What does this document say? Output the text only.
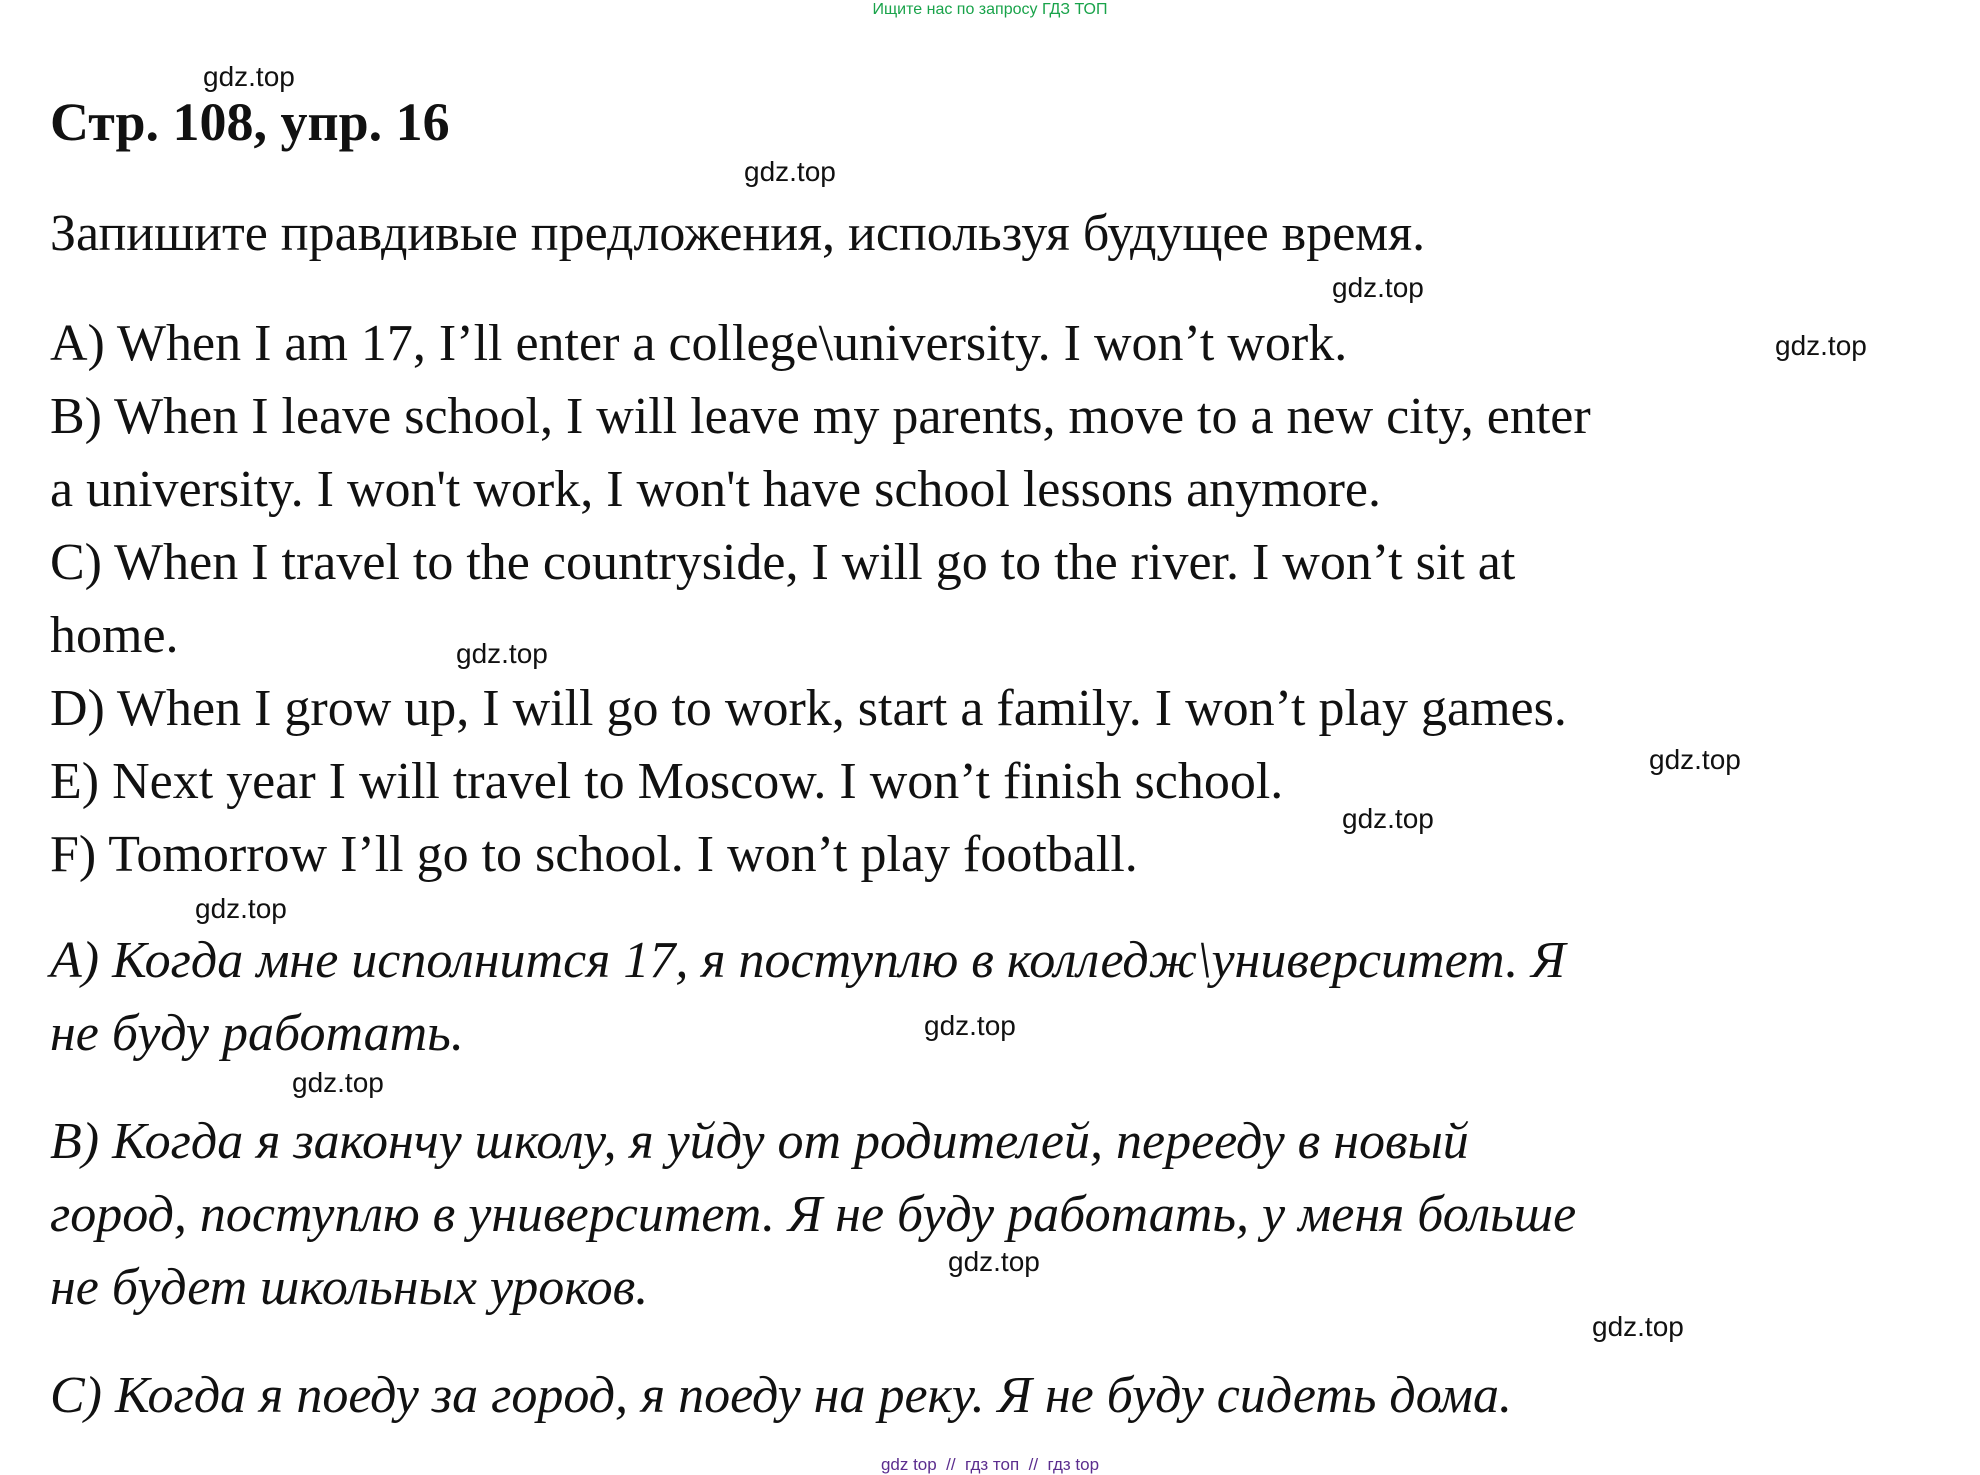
Ищите нас по запросу ГДЗ ТОП
gdz.top
Стр. 108, упр. 16
gdz.top
Запишите правдивые предложения, используя будущее время.
gdz.top
gdz.top
A) When I am 17, I’ll enter a college\university. I won’t work.
B) When I leave school, I will leave my parents, move to a new city, enter
a university. I won't work, I won't have school lessons anymore.
C) When I travel to the countryside, I will go to the river. I won’t sit at
home.
D) When I grow up, I will go to work, start a family. I won’t play games.
E) Next year I will travel to Moscow. I won’t finish school.
F) Tomorrow I’ll go to school. I won’t play football.
gdz.top
gdz.top
gdz.top
gdz.top
A) Когда мне исполнится 17, я поступлю в колледж\университет. Я
не буду работать.
B) Когда я закончу школу, я уйду от родителей, перееду в новый
город, поступлю в университет. Я не буду работать, у меня больше
не будет школьных уроков.
C) Когда я поеду за город, я поеду на реку. Я не буду сидеть дома.
gdz.top
gdz.top
gdz.top
gdz.top
gdz top  //  гдз топ  //  гдз top
